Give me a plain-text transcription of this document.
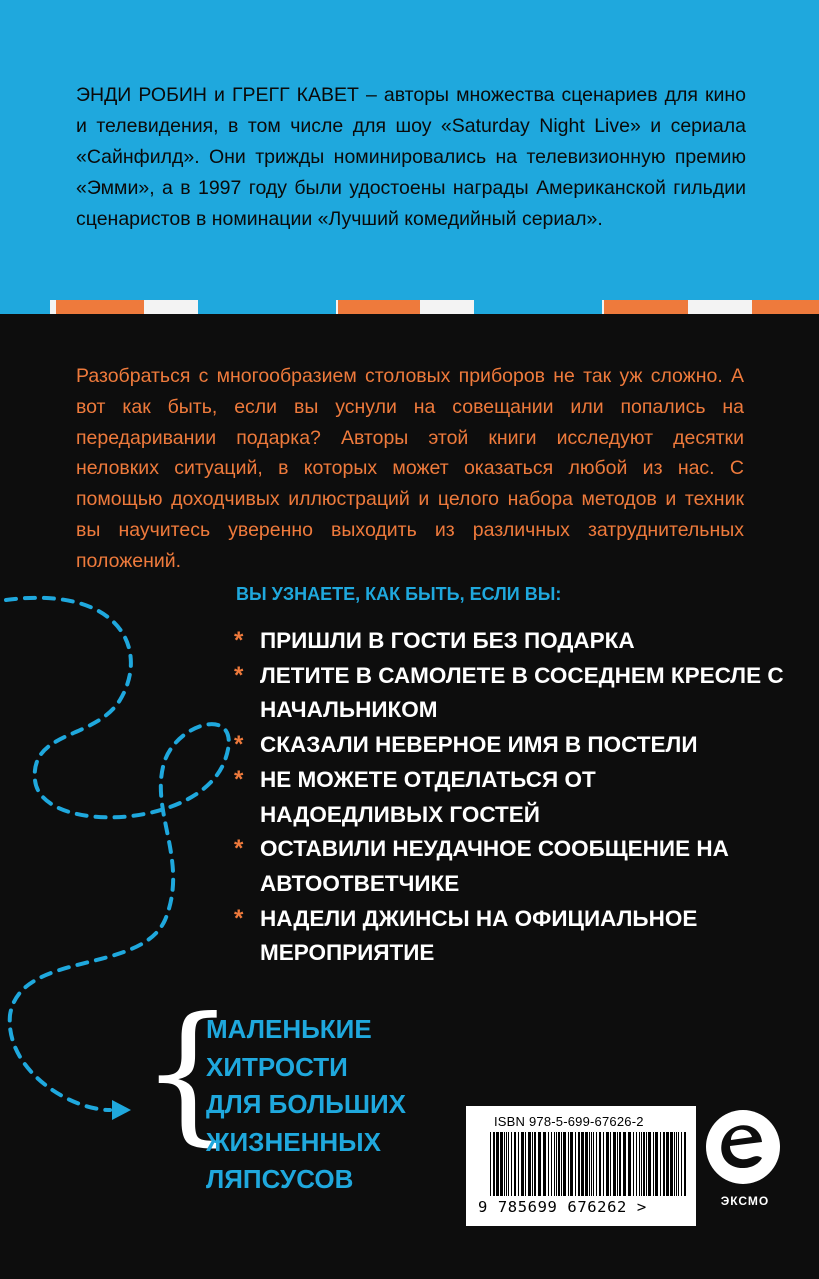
ЭНДИ РОБИН и ГРЕГГ КАВЕТ – авторы множества сценариев для кино и телевидения, в том числе для шоу «Saturday Night Live» и сериала «Сайнфилд». Они трижды номинировались на телевизионную премию «Эмми», а в 1997 году были удостоены награды Американской гильдии сценаристов в номинации «Лучший комедийный сериал».

Разобраться с многообразием столовых приборов не так уж сложно. А вот как быть, если вы уснули на совещании или попались на передаривании подарка? Авторы этой книги исследуют десятки неловких ситуаций, в которых может оказаться любой из нас. С помощью доходчивых иллюстраций и целого набора методов и техник вы научитесь уверенно выходить из различных затруднительных положений.

ВЫ УЗНАЕТЕ, КАК БЫТЬ, ЕСЛИ ВЫ:

* ПРИШЛИ В ГОСТИ БЕЗ ПОДАРКА
* ЛЕТИТЕ В САМОЛЕТЕ В СОСЕДНЕМ КРЕСЛЕ С НАЧАЛЬНИКОМ
* СКАЗАЛИ НЕВЕРНОЕ ИМЯ В ПОСТЕЛИ
* НЕ МОЖЕТЕ ОТДЕЛАТЬСЯ ОТ НАДОЕДЛИВЫХ ГОСТЕЙ
* ОСТАВИЛИ НЕУДАЧНОЕ СООБЩЕНИЕ НА АВТООТВЕТЧИКЕ
* НАДЕЛИ ДЖИНСЫ НА ОФИЦИАЛЬНОЕ МЕРОПРИЯТИЕ
{

МАЛЕНЬКИЕ
ХИТРОСТИ
ДЛЯ БОЛЬШИХ
ЖИЗНЕННЫХ
ЛЯПСУСОВ

ISBN 978-5-699-67626-2
9 785699 676262 >	ЭКСМО
